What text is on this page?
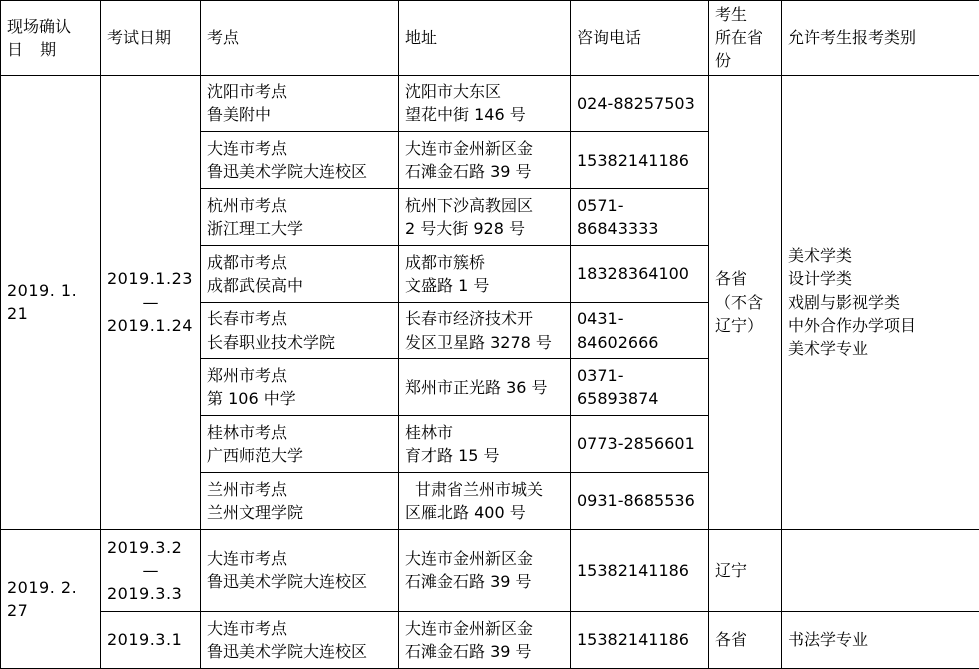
现场确认
日 期	考试日期	考点	地址	咨询电话	考生
所在省份	允许考生报考类别

2019. 1. 21	2019.1.23
—
2019.1.24	沈阳市考点
鲁美附中	沈阳市大东区
望花中街 146 号	024-88257503	各省
（不含
辽宁）	美术学类
设计学类
戏剧与影视学类
中外合作办学项目
美术学专业

		大连市考点
鲁迅美术学院大连校区	大连市金州新区金
石滩金石路 39 号	15382141186		

		杭州市考点
浙江理工大学	杭州下沙高教园区
2 号大街 928 号	0571-86843333		

		成都市考点
成都武侯高中	成都市簇桥
文盛路 1 号	18328364100		

		长春市考点
长春职业技术学院	长春市经济技术开
发区卫星路 3278 号	0431-84602666		

		郑州市考点
第 106 中学	郑州市正光路 36 号	0371-65893874		

		桂林市考点
广西师范大学	桂林市
育才路 15 号	0773-2856601		

		兰州市考点
兰州文理学院	甘肃省兰州市城关
区雁北路 400 号	0931-8685536		

2019. 2. 27	2019.3.2
—
2019.3.3	大连市考点
鲁迅美术学院大连校区	大连市金州新区金
石滩金石路 39 号	15382141186	辽宁	

	2019.3.1	大连市考点
鲁迅美术学院大连校区	大连市金州新区金
石滩金石路 39 号	15382141186	各省	书法学专业
